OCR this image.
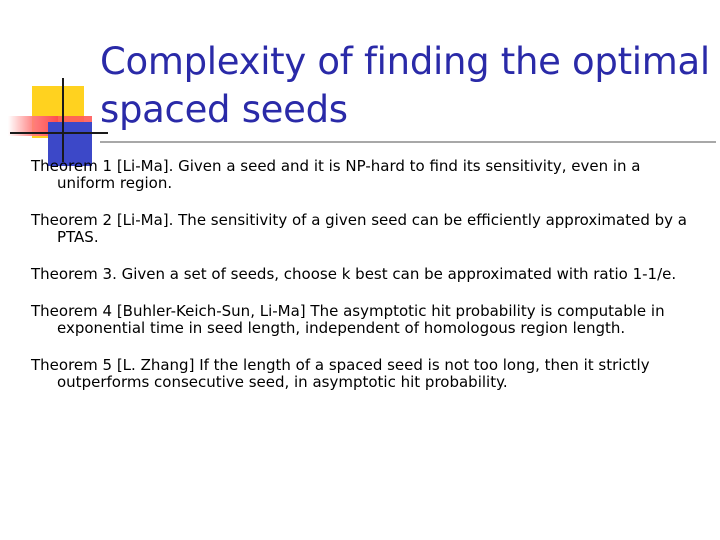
Complexity of finding the optimal
spaced seeds

Theorem 1 [Li-Ma]. Given a seed and it is NP-hard to find its sensitivity, even in a uniform region.

Theorem 2 [Li-Ma]. The sensitivity of a given seed can be efficiently approximated by a PTAS.

Theorem 3. Given a set of seeds, choose k best can be approximated with ratio 1-1/e.

Theorem 4 [Buhler-Keich-Sun, Li-Ma] The asymptotic hit probability is computable in exponential time in seed length, independent of homologous region length.

Theorem 5 [L. Zhang] If the length of a spaced seed is not too long, then it strictly outperforms consecutive seed, in asymptotic hit probability.
